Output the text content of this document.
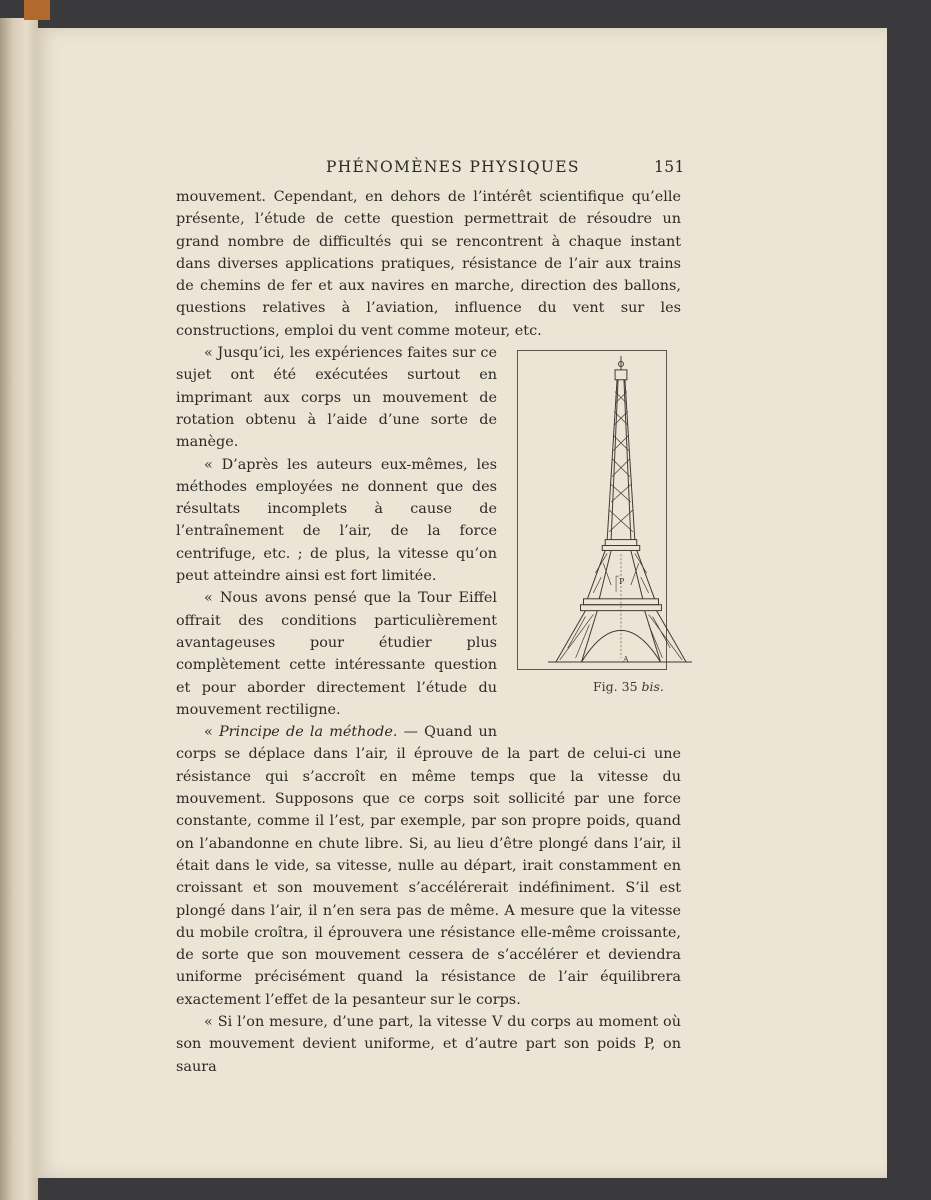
PHÉNOMÈNES PHYSIQUES	151

mouvement. Cependant, en dehors de l’intérêt scientifique qu’elle présente, l’étude de cette question permettrait de résoudre un grand nombre de difficultés qui se rencontrent à chaque instant dans diverses applications pratiques, résistance de l’air aux trains de chemins de fer et aux navires en marche, direction des ballons, questions relatives à l’aviation, influence du vent sur les constructions, emploi du vent comme moteur, etc.

P
A
Fig. 35 bis.
« Jusqu’ici, les expériences faites sur ce sujet ont été exécutées surtout en imprimant aux corps un mouvement de rotation obtenu à l’aide d’une sorte de manège.

« D’après les auteurs eux-mêmes, les méthodes employées ne donnent que des résultats incomplets à cause de l’entraînement de l’air, de la force centrifuge, etc. ; de plus, la vitesse qu’on peut atteindre ainsi est fort limitée.

« Nous avons pensé que la Tour Eiffel offrait des conditions particulièrement avantageuses pour étudier plus complètement cette intéressante question et pour aborder directement l’étude du mouvement rectiligne.

« Principe de la méthode. — Quand un corps se déplace dans l’air, il éprouve de la part de celui-ci une résistance qui s’accroît en même temps que la vitesse du mouvement. Supposons que ce corps soit sollicité par une force constante, comme il l’est, par exemple, par son propre poids, quand on l’abandonne en chute libre. Si, au lieu d’être plongé dans l’air, il était dans le vide, sa vitesse, nulle au départ, irait constamment en croissant et son mouvement s’accélérerait indéfiniment. S’il est plongé dans l’air, il n’en sera pas de même. A mesure que la vitesse du mobile croîtra, il éprouvera une résistance elle-même croissante, de sorte que son mouvement cessera de s’accélérer et deviendra uniforme précisément quand la résistance de l’air équilibrera exactement l’effet de la pesanteur sur le corps.

« Si l’on mesure, d’une part, la vitesse V du corps au moment où son mouvement devient uniforme, et d’autre part son poids P, on saura
